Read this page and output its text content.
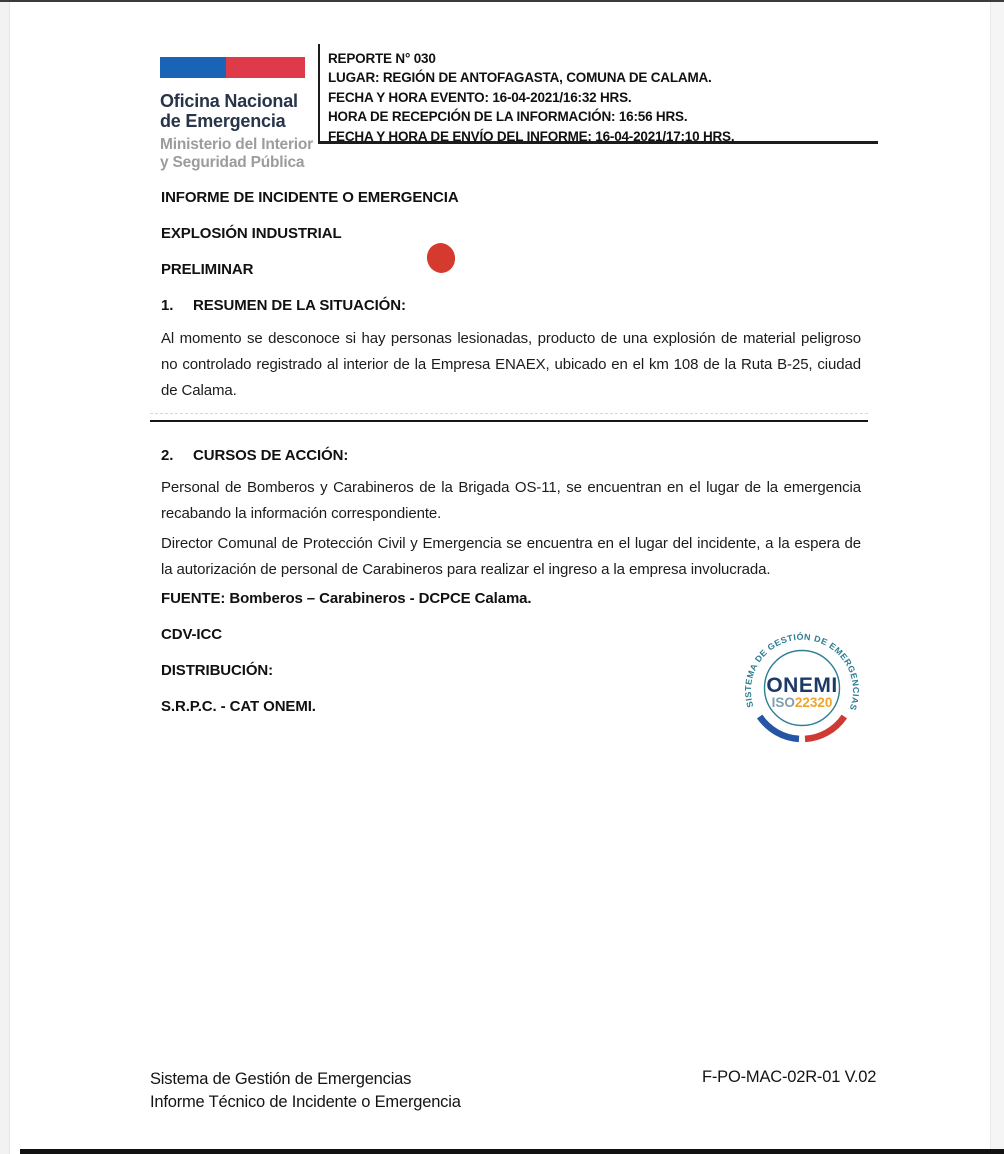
Oficina Nacional
de Emergencia
Ministerio del Interior
y Seguridad Pública
REPORTE N° 030
LUGAR: REGIÓN DE ANTOFAGASTA, COMUNA DE CALAMA.
FECHA Y HORA EVENTO: 16-04-2021/16:32 HRS.
HORA DE RECEPCIÓN DE LA INFORMACIÓN: 16:56 HRS.
FECHA Y HORA DE ENVÍO DEL INFORME: 16-04-2021/17:10 HRS.
INFORME DE INCIDENTE O EMERGENCIA
EXPLOSIÓN INDUSTRIAL
PRELIMINAR
1.	RESUMEN DE LA SITUACIÓN:
Al momento se desconoce si hay personas lesionadas, producto de una explosión de material peligroso no controlado registrado al interior de la Empresa ENAEX, ubicado en el km 108 de la Ruta B-25, ciudad de Calama.
2.	CURSOS DE ACCIÓN:
Personal de Bomberos y Carabineros de la Brigada OS-11, se encuentran en el lugar de la emergencia recabando la información correspondiente.
Director Comunal de Protección Civil y Emergencia se encuentra en el lugar del incidente, a la espera de la autorización de personal de Carabineros para realizar el ingreso a la empresa involucrada.
FUENTE: Bomberos – Carabineros - DCPCE Calama.
CDV-ICC
DISTRIBUCIÓN:
S.R.P.C. - CAT ONEMI.	SISTEMA DE GESTIÓN DE EMERGENCIAS
ONEMI
ISO22320
Sistema de Gestión de Emergencias
Informe Técnico de Incidente o Emergencia
F-PO-MAC-02R-01 V.02
